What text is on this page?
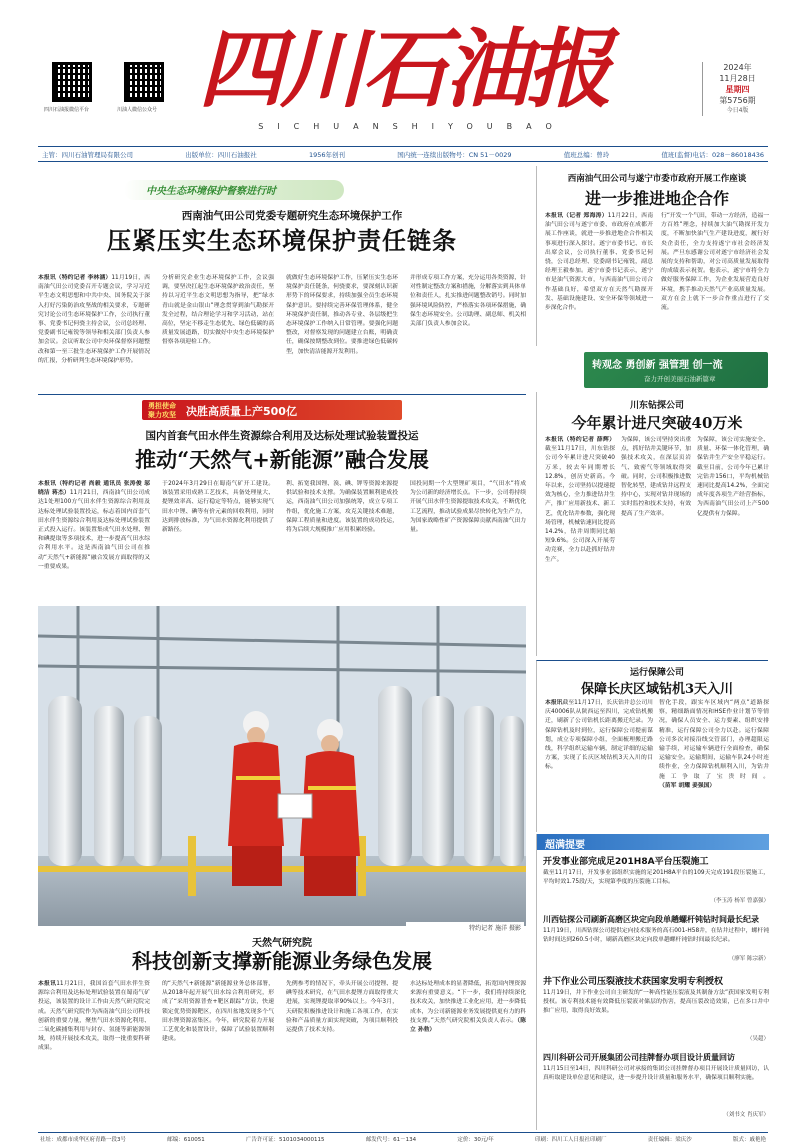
四川石油报微信平台	川油人微信公众号 四川石油报
SICHUANSHIYOUBAO
2024年
11月28日
星期四
第5756期
今日4版
主管：四川石油管理局有限公司	出版单位：四川石油报社	1956年创刊	国内统一连续出版物号：CN 51－0029	值班总编：曾玲	值班(监督)电话：028－86018436
中央生态环境保护督察进行时
西南油气田公司党委专题研究生态环境保护工作
压紧压实生态环境保护责任链条
本报讯（特约记者 李林涵）11月19日，西南油气田公司党委召开专题会议，学习习近平生态文明思想和中共中央、国务院关于深入打好污染防治攻坚战的相关要求，专题研究讨论公司生态环境保护工作，公司执行董事、党委书记何骁主持会议，公司总经理、党委副书记雍锐等领导和相关部门负责人参加会议。会议听取公司中央环保督察问题整改和第一至三批生态环境保护工作开展情况的汇报，分析研判生态环境保护形势。
分析研究企业生态环境保护工作，会议强调，要坚决扛起生态环境保护政治责任，坚持以习近平生态文明思想为指导，把“绿水青山就是金山银山”理念贯穿到油气勘探开发全过程，结合理论学习和学习活动，站在高位，坚定不移走生态优先、绿色低碳的高质量发展道路，切实做好中央生态环境保护督察各项迎检工作。
就做好生态环境保护工作，压紧压实生态环境保护责任链条，何骁要求，要深刻认识新形势下的环保要求，持续加强全员生态环境保护意识。要持续完善环保管理体系，健全环境保护责任制，推动各专业、各层级把生态环境保护工作纳入日常管理。要强化问题整改，对督察发现的问题建立台账，明确责任，确保按期整改到位。要推进绿色低碳转型，加快清洁能源开发利用。
并形成专项工作方案，充分运用各类资源，针对性制定整改方案和措施，分解落实到具体单位和责任人，扎实推进问题整改销号。同时加强环境风险防控，严格落实各项环保措施，确保生态环境安全。公司助理、副总师、机关相关部门负责人参加会议。
西南油气田公司与遂宁市委市政府开展工作座谈
进一步推进地企合作
本报讯（记者 郑海涛）11月22日，西南油气田公司与遂宁市委、市政府在成都开展工作座谈，就进一步推进地企合作相关事项进行深入探讨。遂宁市委书记、市长出席会议，公司执行董事、党委书记何骁，公司总经理、党委副书记雍锐，副总经理王毅参加。遂宁市委书记表示，遂宁市是油气资源大市，与西南油气田公司合作基础良好，希望双方在天然气勘探开发、基础设施建设、安全环保等领域进一步深化合作。
行“开发一个气田，带动一方经济，造福一方百姓”理念，持续加大油气勘探开发力度，不断加快油气生产建设进度，履行好央企责任，全力支持遂宁市社会经济发展。严旦东感谢公司对遂宁市经济社会发展的支持和帮助，对公司高质量发展取得的成绩表示祝贺。他表示，遂宁市将全力做好服务保障工作，为企业发展营造良好环境，携手推动天然气产业高质量发展。双方在会上就下一步合作重点进行了交流。
转观念 勇创新 强管理 创一流
奋力开创美丽石油新篇章
勇担使命
聚力攻坚 决胜高质量上产500亿
国内首套气田水伴生资源综合利用及达标处理试验装置投运
推动“天然气+新能源”融合发展
本报讯（特约记者 尚毅 通讯员 张涛俊 邬晓洁 蒋杰）11月21日，西南油气田公司成达1处理100方气田水伴生资源综合利用及达标处理试验装置投运，标志着国内首套气田水伴生资源综合利用及达标处理试验装置正式投入运行。该装置集成气田水处理、锂和碘提取等多项技术，进一步提高气田水综合利用水平。这是西南油气田公司在推动“天然气+新能源”融合发展方面取得的又一重要成果。
于2024年3月29日在蜀南气矿开工建设。该装置采用成熟工艺技术，具备处理量大、提锂效率高、运行稳定等特点，能够实现气田水中锂、碘等有价元素的回收利用，同时达到排放标准，为气田水资源化利用提供了新路径。
利、拓宽我国锂、溴、碘、钾等资源来源提供试验和技术支撑。为确保装置顺利建成投运，西南油气田公司加强统筹，成立专项工作组，优化施工方案，攻克关键技术难题，保障工程质量和进度。该装置的成功投运，将为后续大规模推广应用积累经验。
国投同期一个大型锂矿项目，“气田水”将成为公司新的经济增长点。下一步，公司将持续开展气田水伴生资源提取技术攻关，不断优化工艺流程，推动试验成果尽快转化为生产力，为国家战略性矿产资源保障贡献西南油气田力量。
特约记者 施洋 摄影
川东钻探公司
今年累计进尺突破40万米
本报讯（特约记者 薛辉）截至11月17日，川东钻探公司今年累计进尺突破40万米，较去年同期增长12.8%，创历史新高。今年以来，公司坚持以提速提效为核心，全力推进钻井生产，推广应用新技术、新工艺，优化钻井参数，强化现场管理，机械钻速同比提高14.2%，钻井周期同比缩短9.6%。公司深入开展劳动竞赛，全力以赴抓好钻井生产。
为保障，该公司坚持突出重点，抓好钻井关键环节，加强技术攻关，在深层页岩气、致密气等领域取得突破。同时，公司积极推进数智化转型，建成钻井远程支持中心，实现对钻井现场的实时监控和技术支持，有效提高了生产效率。
为保障，该公司实施安全、质量、环保一体化管理，确保钻井生产安全平稳运行。截至目前，公司今年已累计完钻井156口，平均机械钻速同比提高14.2%，全面完成年度各项生产经营指标，为西南油气田公司上产500亿提供有力保障。
运行保障公司
保障长庆区域钻机3天入川
本报讯截至11月17日，长庆钻井总公司川庆40006队从陕西运至四川，完成钻机搬迁，刷新了公司钻机长距离搬迁纪录。为保障钻机及时到位，运行保障公司提前谋划，成立专项保障小组，全面梳理搬迁路线，科学组织运输车辆，制定详细的运输方案，实现了长庆区域钻机3天入川的目标。
智化手段，跟实车区域内“两点”道路探察，精细路面情况和HSE作业计划节等情况，确保人员安全、运力要素、组织安排精准，运行保障公司全力以赴。运行保障公司多次对接沿线交管部门，办理超限运输手续，对运输车辆进行全面检查，确保运输安全。运输期间，运输车队24小时连续作业，全力保障钻机顺利入川，为钻井施工争取了宝贵时间。（苗军 胡耀 姜强国）
超满提要
开发事业部完成足201H8A平台压裂施工
截至11月17日，开发事业部组织实施的足201H8A平台的109天完成191段压裂施工，平均时效1.75段/天，实现第季度的压裂施工目标。
（李玉涛 杨军 曾嘉强）
川西钻探公司刷新高磨区块定向段单趟螺杆钝钻时间最长纪录
11月19日，川西钻探公司提供定向技术服务的高石001-H58井，在钻井过程中，螺杆钝钻时间达到260.5小时，刷新高磨区块定向段单趟螺杆钝钻时间最长纪录。
（廖军 陈宗新）
井下作业公司压裂液技术获国家发明专利授权
11月19日，井下作业公司自主研发的“一种高性能压裂液及其制备方法”获国家发明专利授权。该专利技术能有效降低压裂液对储层的伤害，提高压裂改造效果，已在多口井中推广应用，取得良好效果。
（吴超）
四川科研公司开展集团公司挂牌督办项目设计质量回访
11月15日至14日，四川科研公司对承接的集团公司挂牌督办项目开展设计质量回访，认真听取建设单位意见和建议，进一步提升设计质量和服务水平，确保项目顺利实施。
（刘书文 肖庆军）
天然气研究院
科技创新支撑新能源业务绿色发展
本报讯11月21日，我国首套气田水伴生资源综合利用及达标处理试验装置在蜀南气矿投运，该装置的设计工作由天然气研究院完成。天然气研究院作为西南油气田公司科技创新的重要力量，聚焦气田水资源化利用、二氧化碳捕集利用与封存、氢能等新能源领域，持续开展技术攻关，取得一批重要科研成果。
的“天然气+新能源”新能源业务总体部署，从2018年起开展气田水综合利用研究，形成了“采用资源普查+靶区跟踪”方法，快速锁定优势资源靶区，在四川盆地发现多个气田水锂资源富集区。今年，研究院着力开展工艺优化和装置设计，保障了试验装置顺利建成。
先例参考的情况下，牵头开展公司提锂、提碘等技术研究，在气田水提锂方面取得重大进展，实现锂提取率90%以上。今年3月，天研院积极推进设计和施工各项工作，在实验和产品质量方面实现突破，为项目顺利投运提供了技术支持。
水达标处理成本的显著降低，拓宽国内锂资源来源有重要意义。“下一步，我们将持续深化技术攻关，加快推进工业化应用，进一步降低成本，为公司新能源业务发展提供更有力的科技支撑。”天然气研究院相关负责人表示。（陈立 孙勃）
社址：成都市成华区府青路一段3号	邮编：610051	广告许可证：5101034000115	邮发代号：61－134	定价：30元/年	印刷：四川工人日报社印刷厂	责任编辑：梁庆沙	版式：戚艳艳
